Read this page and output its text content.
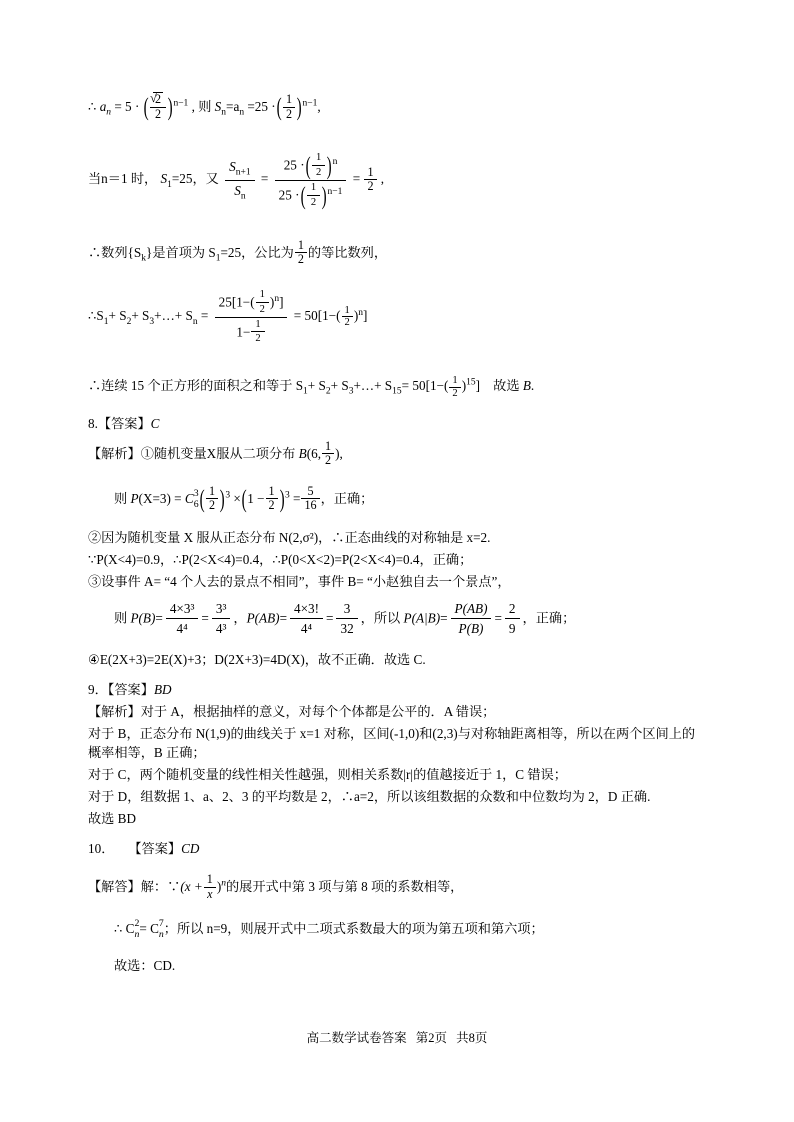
∴ $a_n = 5$ · ( √ $\frac{2}{2} )^{n-1}$ , 则 $S_n=a_n =25$ ·( $\frac{1}{2} )^{n-1}$,
当n＝1 时， $S_1=25$，又 $\frac{S_{n+1}}{S_n} = \frac{25 \cdot( \frac{1}{2} )^n}{25 \cdot( \frac{1}{2} )^{n-1}} = \frac{1}{2}$ ,
∴数列$\{S_k\}$是首项为 $S_1=25$，公比为 $\frac{1}{2}$ 的等比数列，
$\therefore S_1+ S_2+$ $S_3+\dots+ S_n = \frac{25[1-( \frac{1}{2} )^n]}{1- \frac{1}{2}} = 50[1-( \frac{1}{2} )^n]$
∴连续 15 个正方形的面积之和等于 $S_1+ S_2+$ $S_3+\dots+ S_{15}= 50[1-( \frac{1}{2} )^{15}]$　故选 B.
8.【答案】C
【解析】①随机变量X服从二项分布 B(6, $\frac{1}{2}$ ),
则 P(X=3) = C 3
6 ( $\frac{1}{2} )^3 \times(1 - \frac{1}{2} )^3 = \frac{5}{16}$ ，正确；
②因为随机变量 X 服从正态分布 N(2,σ²)，∴正态曲线的对称轴是 x=2.
∵P(X<4)=0.9，∴P(2<X<4)=0.4，∴P(0<X<2)=P(2<X<4)=0.4，正确；
③设事件 A= “4 个人去的景点不相同”，事件 B= “小赵独自去一个景点”，
则 $P(B)= \frac{\text{4×3³}}{\text{4⁴}} = \frac{\text{3³}}{\text{4³}}$ ，$P(AB)= \frac{4\times 3!}{\text{4⁴}} = \frac{3}{32}$ ，所以 $P(A|B)= \frac{P(AB)}{P(B)} = \frac{2}{9}$ ，正确；
④E(2X+3)=2E(X)+3；D(2X+3)=4D(X)，故不正确．故选 C.
9．【答案】BD
【解析】对于 A，根据抽样的意义，对每个个体都是公平的．A 错误；
对于 B，正态分布 N(1,9)的曲线关于 x=1 对称，区间(-1,0)和(2,3)与对称轴距离相等，所以在两个区间上的概率相等，B 正确；
对于 C，两个随机变量的线性相关性越强，则相关系数|r|的值越接近于 1，C 错误；
对于 D，组数据 1、a、2、3 的平均数是 2，∴a=2，所以该组数据的众数和中位数均为 2，D 正确.
故选 BD
10． 【答案】CD
【解答】解：∵(x + $\frac{1}{x} )^n$的展开式中第 3 项与第 8 项的系数相等，
∴ C 2
n = C 7
n ；所以 n=9，则展开式中二项式系数最大的项为第五项和第六项；
故选：CD.
高二数学试卷答案 第2页 共8页
